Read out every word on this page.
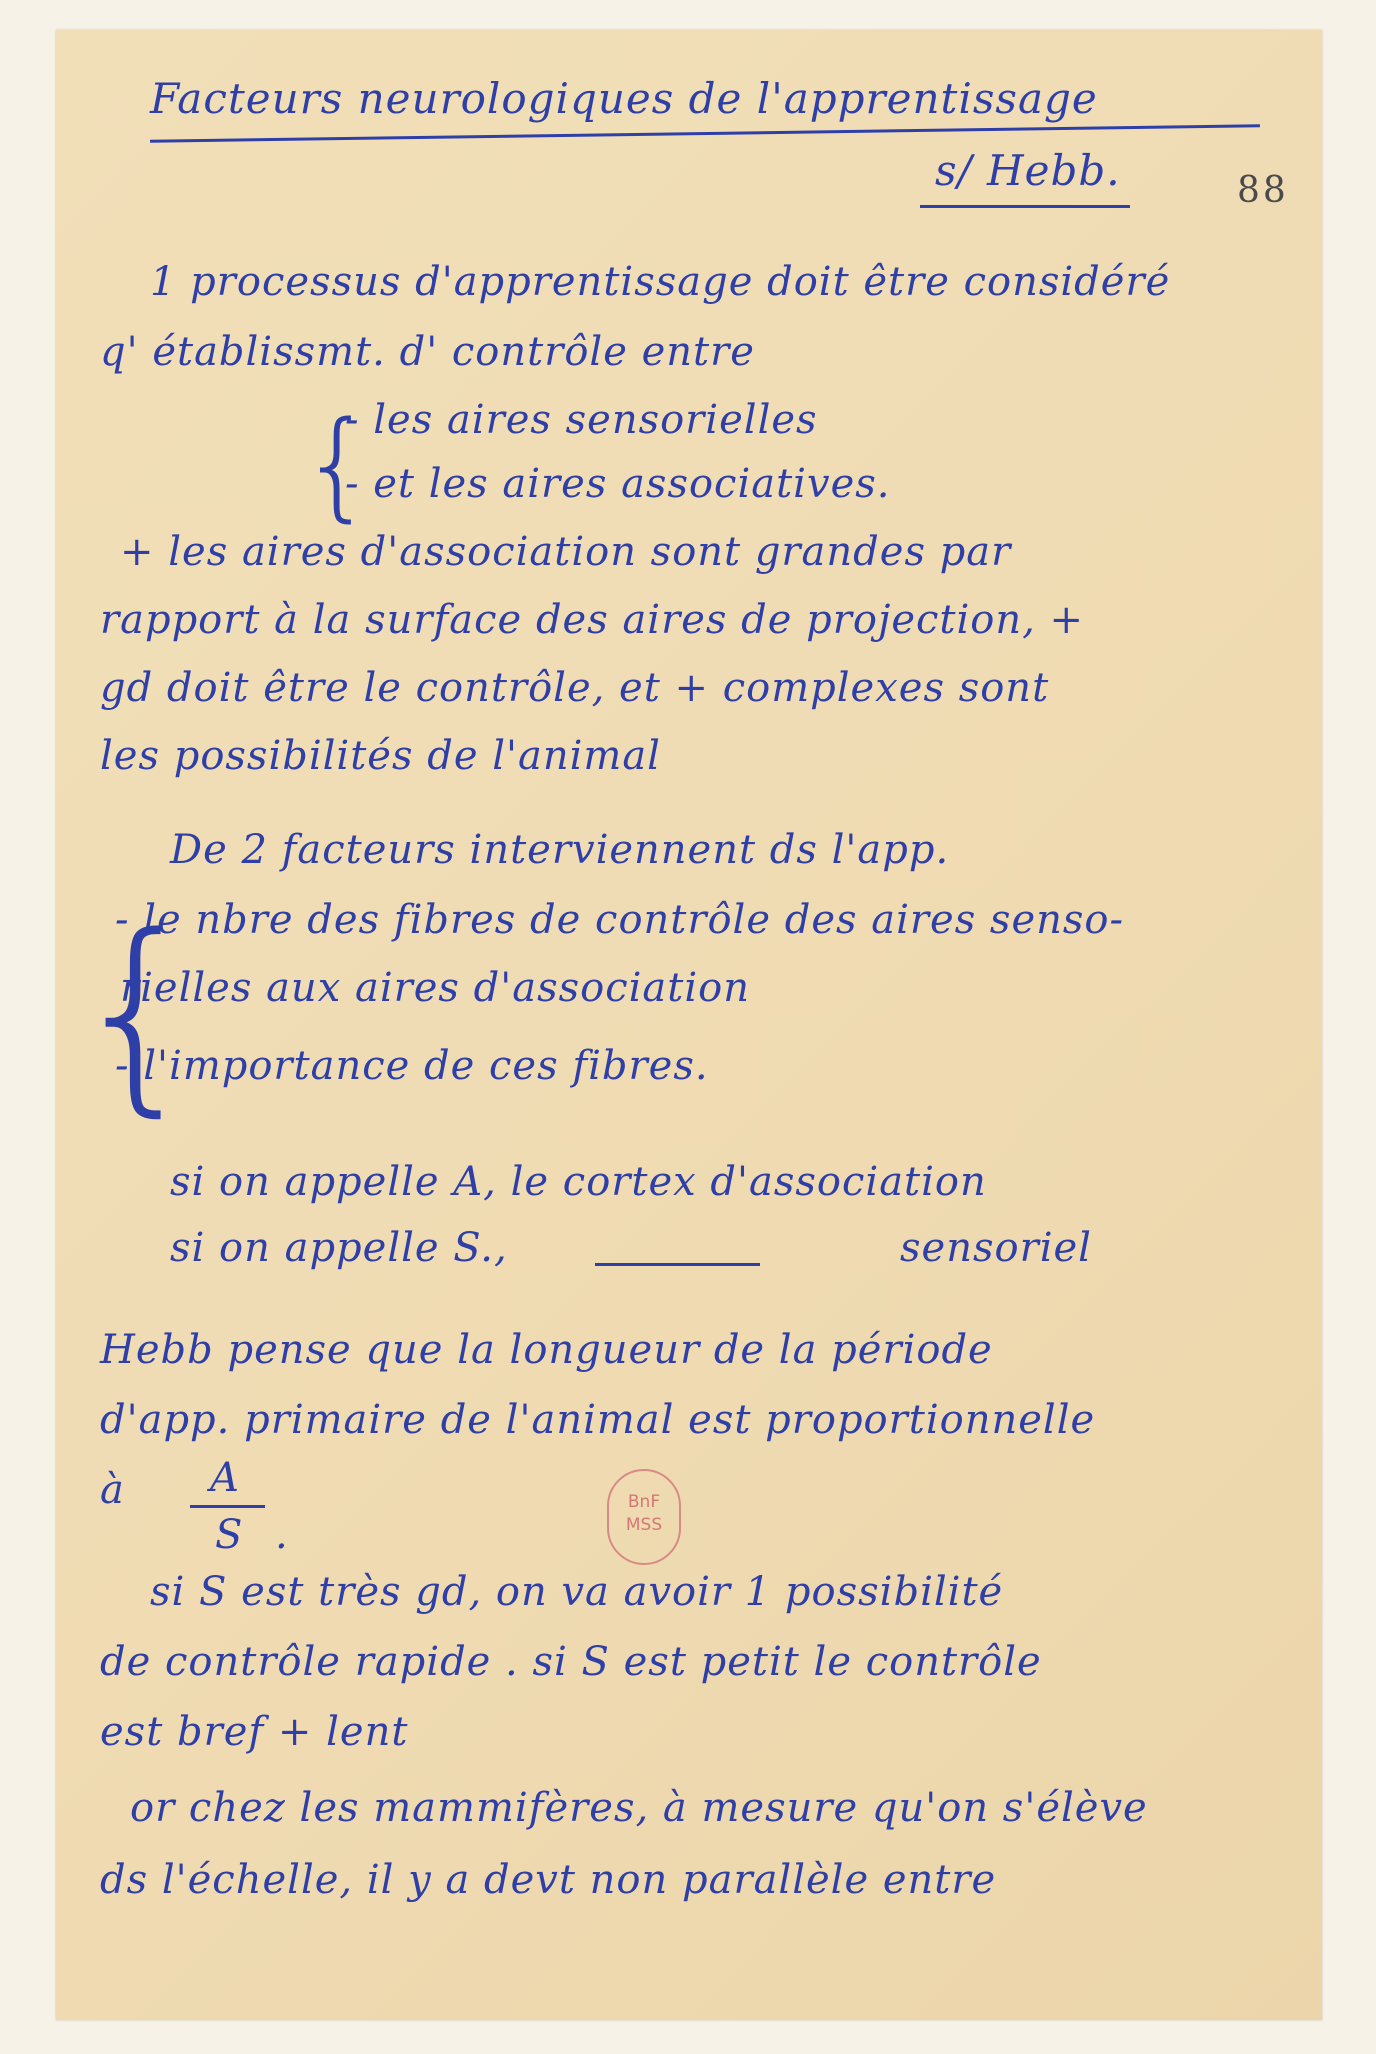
Facteurs neurologiques de l'apprentissage
s/ Hebb.	88
1 processus d'apprentissage doit être considéré
q' établissmt. d' contrôle entre
{
- les aires sensorielles
- et les aires associatives.
+ les aires d'association sont grandes par
rapport à la surface des aires de projection, +
gd doit être le contrôle, et + complexes sont
les possibilités de l'animal
De 2 facteurs interviennent ds l'app.
{
- le nbre des fibres de contrôle des aires senso-
rielles aux aires d'association
- l'importance de ces fibres.
si on appelle A, le cortex d'association
si on appelle S.,	sensoriel
Hebb pense que la longueur de la période
d'app. primaire de l'animal est proportionnelle
à A
S .
BnF
MSS
si S est très gd, on va avoir 1 possibilité
de contrôle rapide . si S est petit le contrôle
est bref + lent
or chez les mammifères, à mesure qu'on s'élève
ds l'échelle, il y a devt non parallèle entre
